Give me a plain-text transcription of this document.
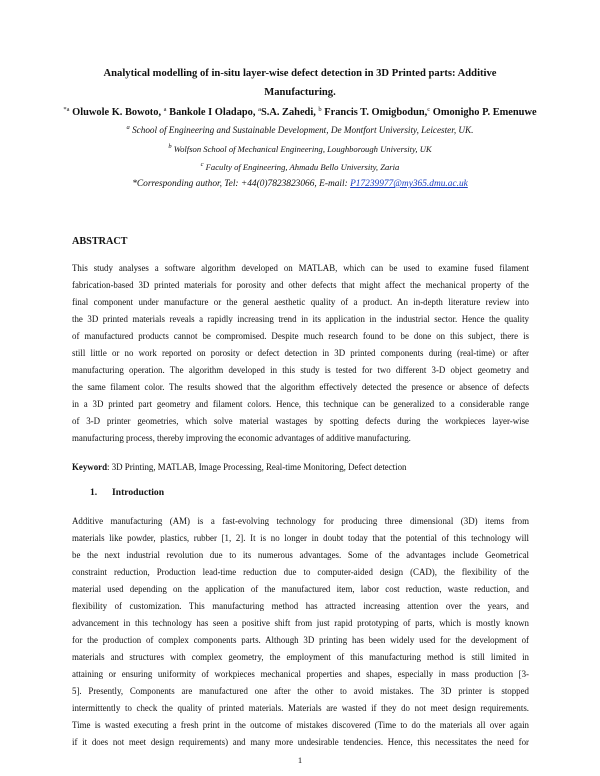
Analytical modelling of in-situ layer-wise defect detection in 3D Printed parts: Additive
Manufacturing.
$^{*a}$ Oluwole K. Bowoto, $^a$ Bankole I Oladapo, $^a$S.A. Zahedi, $^b$ Francis T. Omigbodun,$^c$ Omonigho P. Emenuwe
$^a$ School of Engineering and Sustainable Development, De Montfort University, Leicester, UK.
$^b$ Wolfson School of Mechanical Engineering, Loughborough University, UK
$^c$ Faculty of Engineering, Ahmadu Bello University, Zaria
*Corresponding author, Tel: +44(0)7823823066, E-mail: P17239977@my365.dmu.ac.uk
ABSTRACT
This study analyses a software algorithm developed on MATLAB, which can be used to examine fused filament
fabrication-based 3D printed materials for porosity and other defects that might affect the mechanical property of the
final component under manufacture or the general aesthetic quality of a product. An in-depth literature review into
the 3D printed materials reveals a rapidly increasing trend in its application in the industrial sector. Hence the quality
of manufactured products cannot be compromised. Despite much research found to be done on this subject, there is
still little or no work reported on porosity or defect detection in 3D printed components during (real-time) or after
manufacturing operation. The algorithm developed in this study is tested for two different 3-D object geometry and
the same filament color. The results showed that the algorithm effectively detected the presence or absence of defects
in a 3D printed part geometry and filament colors. Hence, this technique can be generalized to a considerable range
of 3-D printer geometries, which solve material wastages by spotting defects during the workpieces layer-wise
manufacturing process, thereby improving the economic advantages of additive manufacturing.
Keyword: 3D Printing, MATLAB, Image Processing, Real-time Monitoring, Defect detection
1. Introduction
Additive manufacturing (AM) is a fast-evolving technology for producing three dimensional (3D) items from
materials like powder, plastics, rubber [1, 2]. It is no longer in doubt today that the potential of this technology will
be the next industrial revolution due to its numerous advantages. Some of the advantages include Geometrical
constraint reduction, Production lead-time reduction due to computer-aided design (CAD), the flexibility of the
material used depending on the application of the manufactured item, labor cost reduction, waste reduction, and
flexibility of customization. This manufacturing method has attracted increasing attention over the years, and
advancement in this technology has seen a positive shift from just rapid prototyping of parts, which is mostly known
for the production of complex components parts. Although 3D printing has been widely used for the development of
materials and structures with complex geometry, the employment of this manufacturing method is still limited in
attaining or ensuring uniformity of workpieces mechanical properties and shapes, especially in mass production [3-
5]. Presently, Components are manufactured one after the other to avoid mistakes. The 3D printer is stopped
intermittently to check the quality of printed materials. Materials are wasted if they do not meet design requirements.
Time is wasted executing a fresh print in the outcome of mistakes discovered (Time to do the materials all over again
if it does not meet design requirements) and many more undesirable tendencies. Hence, this necessitates the need for
1
